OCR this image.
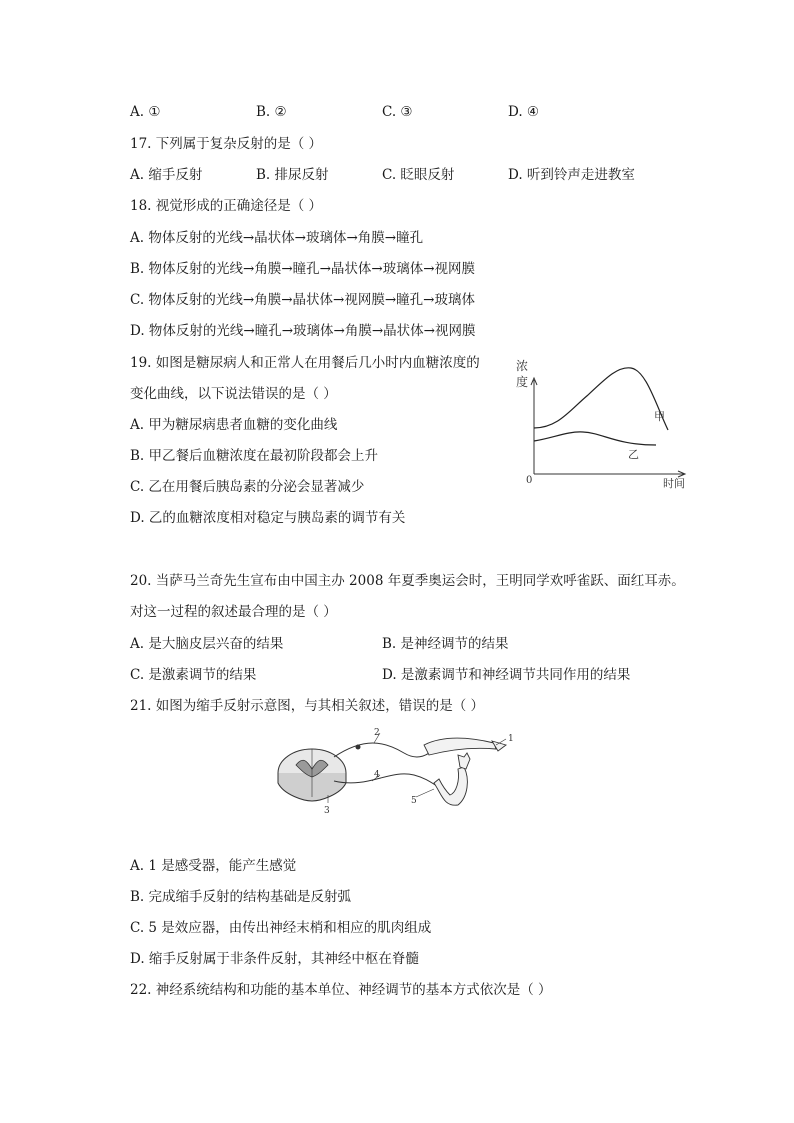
A. ①	B. ②	C. ③	D. ④
17. 下列属于复杂反射的是（ ）
A. 缩手反射	B. 排尿反射	C. 眨眼反射	D. 听到铃声走进教室
18. 视觉形成的正确途径是（ ）
A. 物体反射的光线→晶状体→玻璃体→角膜→瞳孔
B. 物体反射的光线→角膜→瞳孔→晶状体→玻璃体→视网膜
C. 物体反射的光线→角膜→晶状体→视网膜→瞳孔→玻璃体
D. 物体反射的光线→瞳孔→玻璃体→角膜→晶状体→视网膜
19. 如图是糖尿病人和正常人在用餐后几小时内血糖浓度的
变化曲线，以下说法错误的是（ ）
A. 甲为糖尿病患者血糖的变化曲线
B. 甲乙餐后血糖浓度在最初阶段都会上升
C. 乙在用餐后胰岛素的分泌会显著减少
D. 乙的血糖浓度相对稳定与胰岛素的调节有关
浓
度
0	时间
甲
乙
20. 当萨马兰奇先生宣布由中国主办 2008 年夏季奥运会时，王明同学欢呼雀跃、面红耳赤。
对这一过程的叙述最合理的是（ ）
A. 是大脑皮层兴奋的结果	B. 是神经调节的结果
C. 是激素调节的结果	D. 是激素调节和神经调节共同作用的结果
21. 如图为缩手反射示意图，与其相关叙述，错误的是（ ）
1
2
3
4
5
A. 1 是感受器，能产生感觉
B. 完成缩手反射的结构基础是反射弧
C. 5 是效应器，由传出神经末梢和相应的肌肉组成
D. 缩手反射属于非条件反射，其神经中枢在脊髓
22. 神经系统结构和功能的基本单位、神经调节的基本方式依次是（ ）
